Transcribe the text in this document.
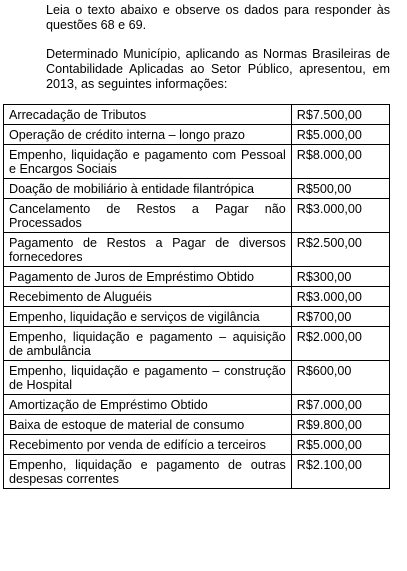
Leia o texto abaixo e observe os dados para responder às questões 68 e 69.

Determinado Município, aplicando as Normas Brasileiras de Contabilidade Aplicadas ao Setor Público, apresentou, em 2013, as seguintes informações:

Arrecadação de Tributos	R$7.500,00
Operação de crédito interna – longo prazo	R$5.000,00
Empenho, liquidação e pagamento com Pessoal e Encargos Sociais	R$8.000,00
Doação de mobiliário à entidade filantrópica	R$500,00
Cancelamento de Restos a Pagar não Processados	R$3.000,00
Pagamento de Restos a Pagar de diversos fornecedores	R$2.500,00
Pagamento de Juros de Empréstimo Obtido	R$300,00
Recebimento de Aluguéis	R$3.000,00
Empenho, liquidação e serviços de vigilância	R$700,00
Empenho, liquidação e pagamento – aquisição de ambulância	R$2.000,00
Empenho, liquidação e pagamento – construção de Hospital	R$600,00
Amortização de Empréstimo Obtido	R$7.000,00
Baixa de estoque de material de consumo	R$9.800,00
Recebimento por venda de edifício a terceiros	R$5.000,00
Empenho, liquidação e pagamento de outras despesas correntes	R$2.100,00
